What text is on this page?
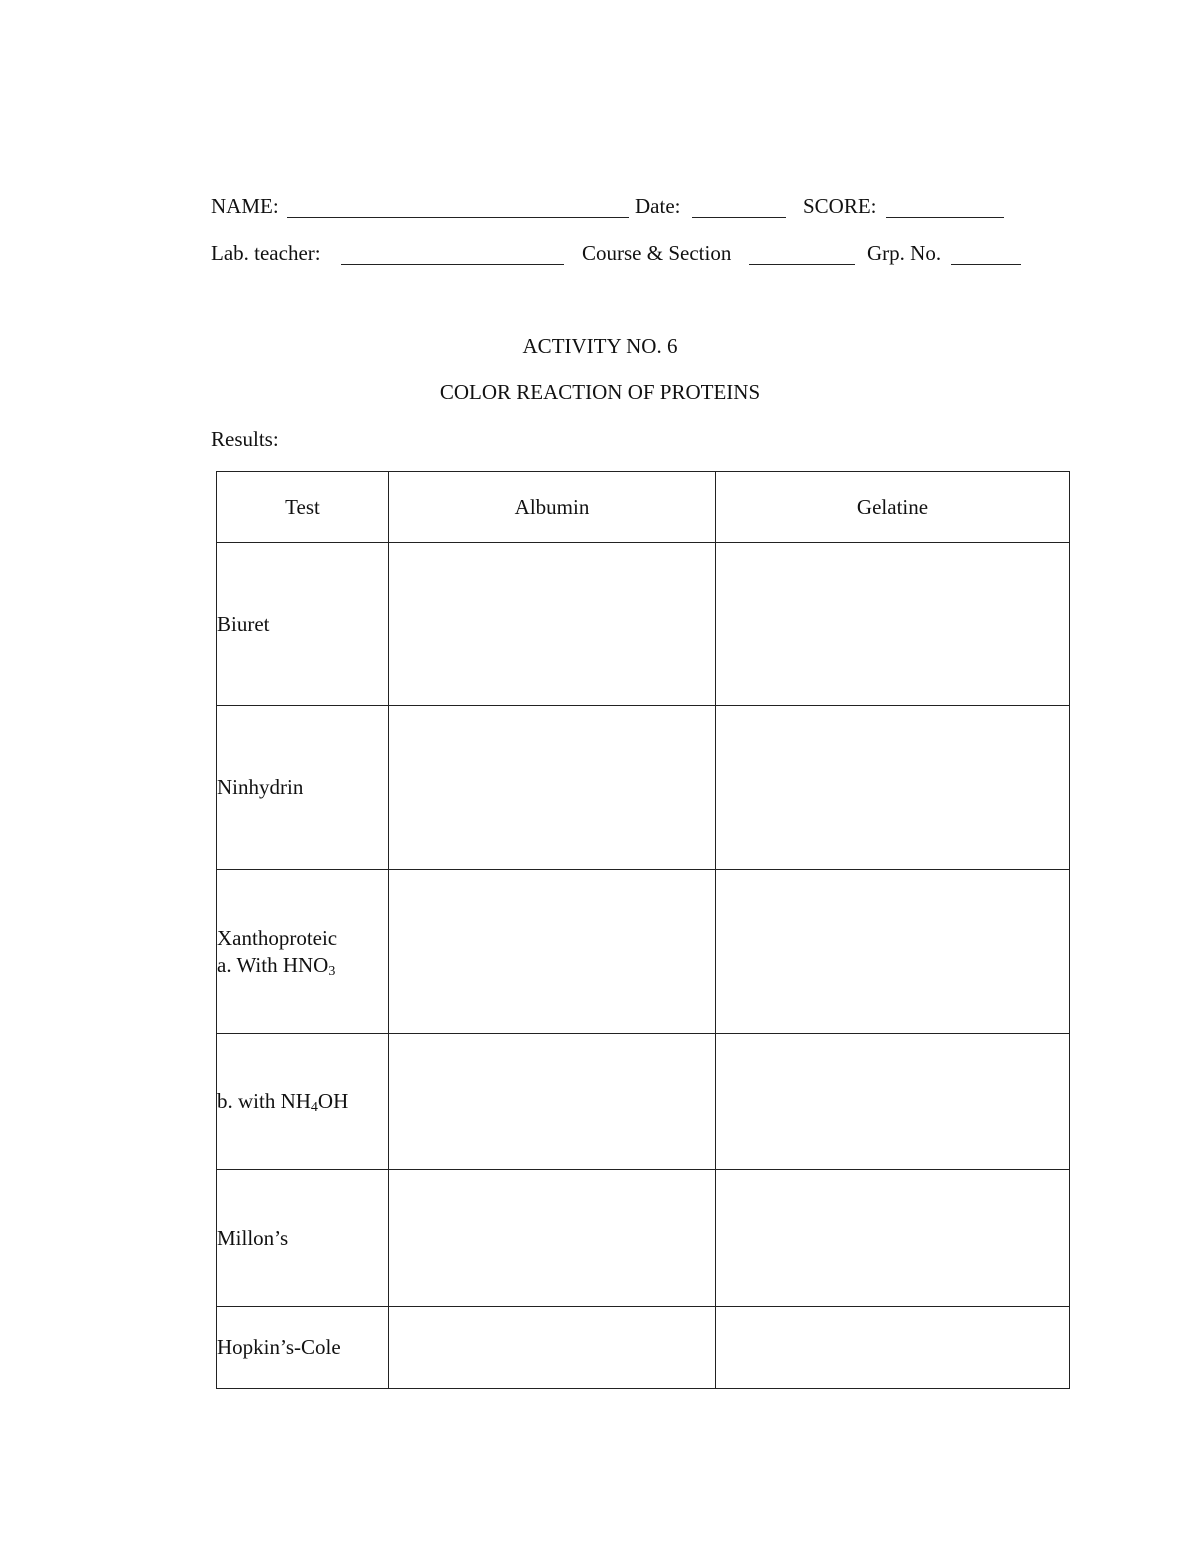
NAME:	Date:	SCORE:
Lab. teacher:	Course & Section	Grp. No.
ACTIVITY NO. 6
COLOR REACTION OF PROTEINS
Results:
Test	Albumin	Gelatine
Biuret		
Ninhydrin		

Xanthoproteic
a. With $HNO_3$

b. with $NH_4OH$		
Millon’s		
Hopkin’s-Cole		
